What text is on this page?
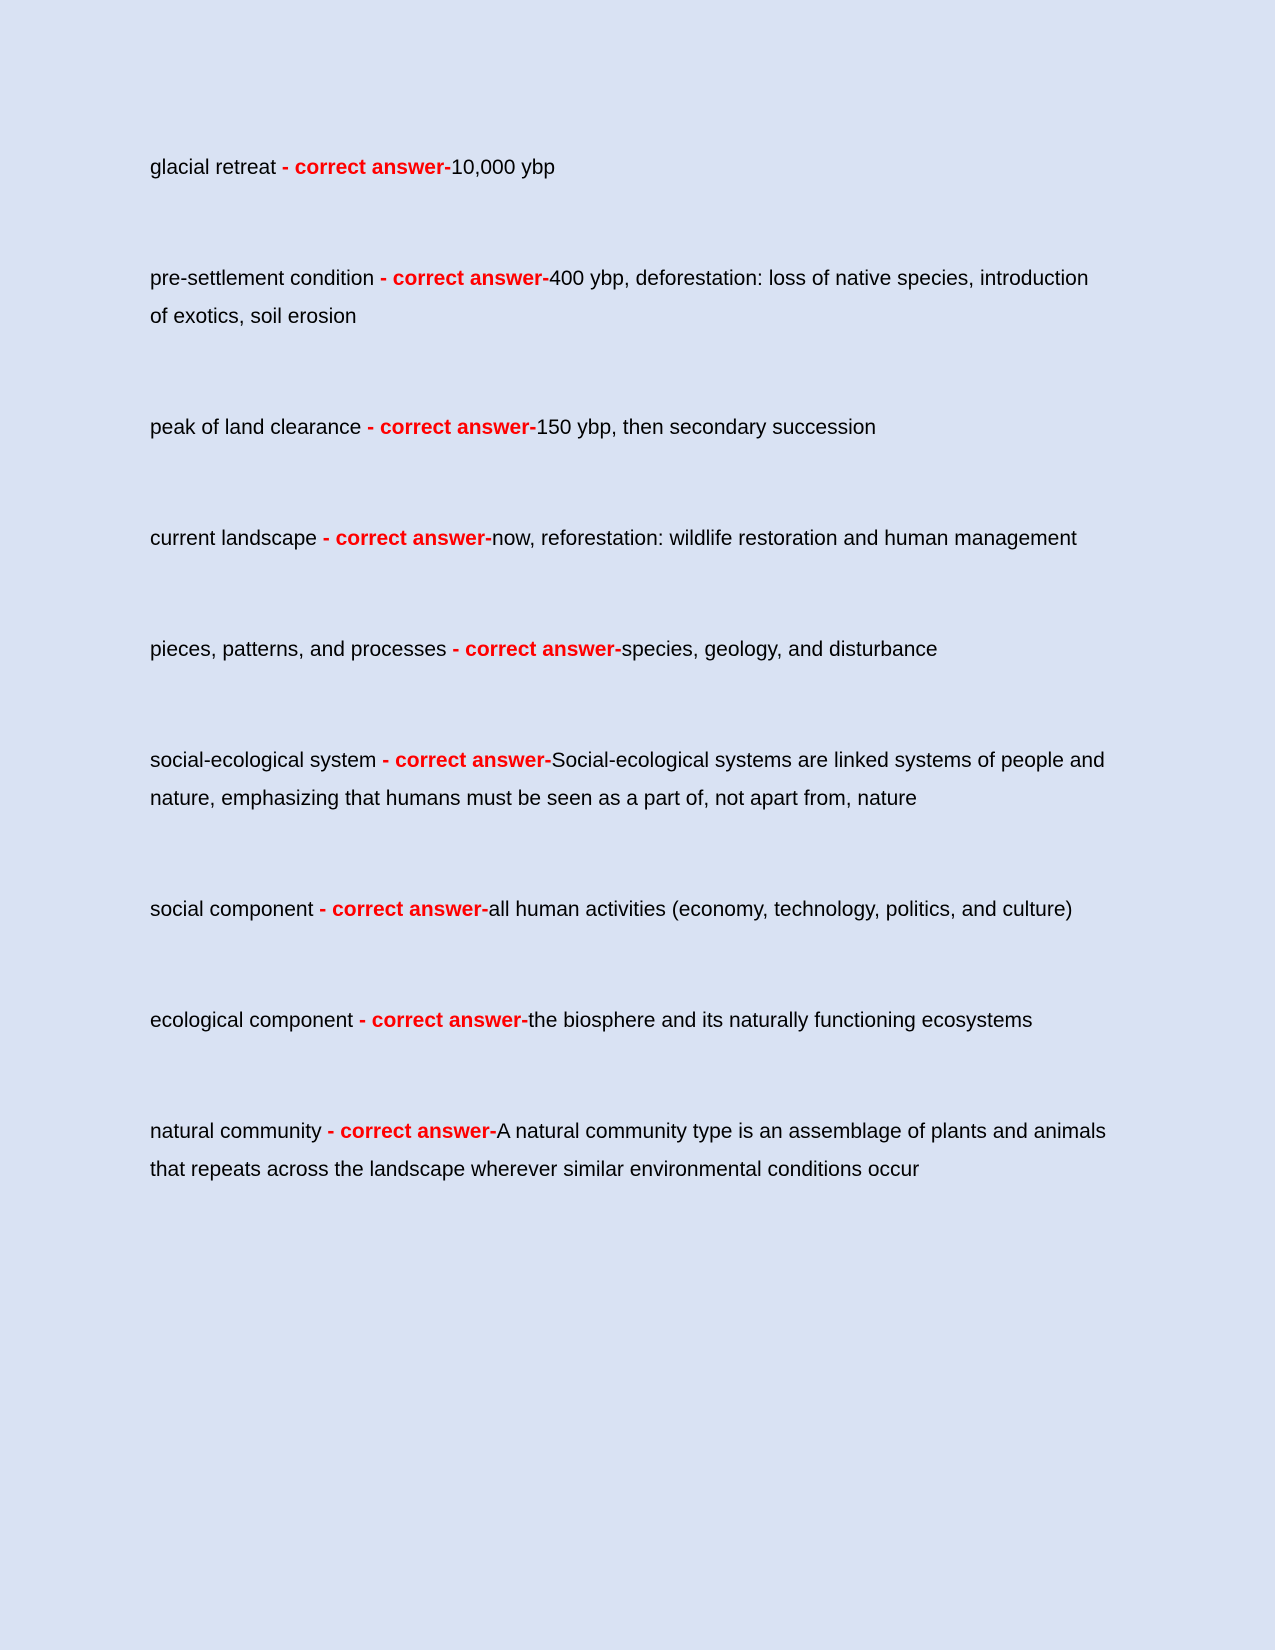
glacial retreat - correct answer-10,000 ybp

pre-settlement condition - correct answer-400 ybp, deforestation: loss of native species, introduction of exotics, soil erosion

peak of land clearance - correct answer-150 ybp, then secondary succession

current landscape - correct answer-now, reforestation: wildlife restoration and human management

pieces, patterns, and processes - correct answer-species, geology, and disturbance

social-ecological system - correct answer-Social-ecological systems are linked systems of people and nature, emphasizing that humans must be seen as a part of, not apart from, nature

social component - correct answer-all human activities (economy, technology, politics, and culture)

ecological component - correct answer-the biosphere and its naturally functioning ecosystems

natural community - correct answer-A natural community type is an assemblage of plants and animals that repeats across the landscape wherever similar environmental conditions occur
